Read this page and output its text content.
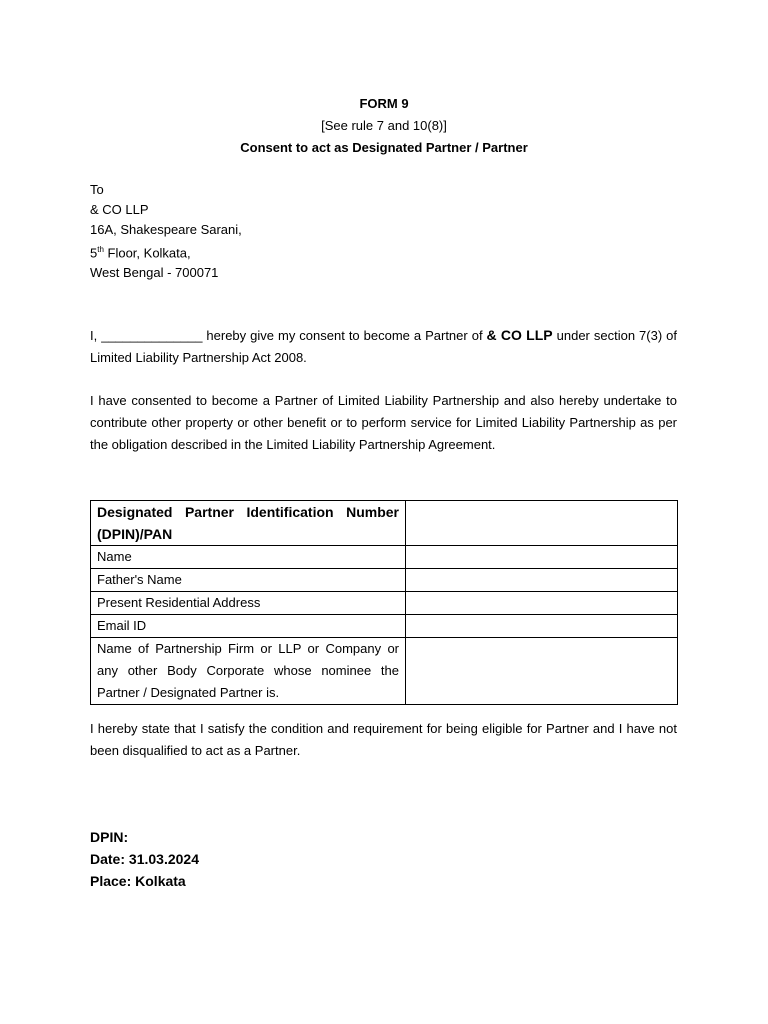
FORM 9
[See rule 7 and 10(8)]
Consent to act as Designated Partner / Partner
To
& CO LLP
16A, Shakespeare Sarani,
5th Floor, Kolkata,
West Bengal - 700071
I, ______________ hereby give my consent to become a Partner of & CO LLP under section 7(3) of Limited Liability Partnership Act 2008.
I have consented to become a Partner of Limited Liability Partnership and also hereby undertake to contribute other property or other benefit or to perform service for Limited Liability Partnership as per the obligation described in the Limited Liability Partnership Agreement.
Designated Partner Identification Number (DPIN)/PAN	
Name	
Father's Name	
Present Residential Address	
Email ID	
Name of Partnership Firm or LLP or Company or any other Body Corporate whose nominee the Partner / Designated Partner is.	
I hereby state that I satisfy the condition and requirement for being eligible for Partner and I have not been disqualified to act as a Partner.
DPIN:
Date: 31.03.2024
Place: Kolkata
